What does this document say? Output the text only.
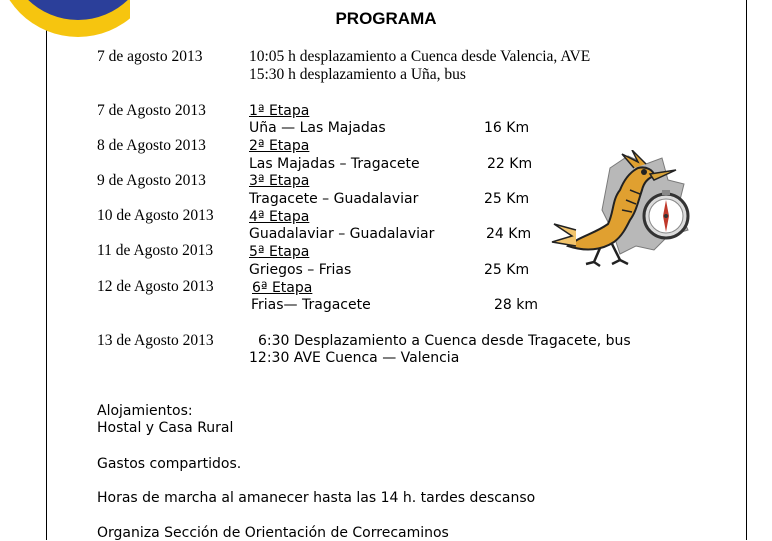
PROGRAMA
7 de agosto 2013	10:05 h desplazamiento a Cuenca desde Valencia, AVE
15:30 h desplazamiento a Uña, bus
7 de Agosto 2013	1ª Etapa
Uña — Las Majadas	16 Km
8 de Agosto 2013	2ª Etapa
Las Majadas – Tragacete	22 Km
9 de Agosto 2013	3ª Etapa
Tragacete – Guadalaviar	25 Km
10 de Agosto 2013	4ª Etapa
Guadalaviar – Guadalaviar	24 Km
11 de Agosto 2013	5ª Etapa
Griegos – Frias	25 Km
12 de Agosto 2013	6ª Etapa
Frias— Tragacete	28 km
13 de Agosto 2013	6:30 Desplazamiento a Cuenca desde Tragacete, bus
12:30 AVE Cuenca — Valencia
Alojamientos:
Hostal y Casa Rural
Gastos compartidos.
Horas de marcha al amanecer hasta las 14 h. tardes descanso
Organiza Sección de Orientación de Correcaminos
